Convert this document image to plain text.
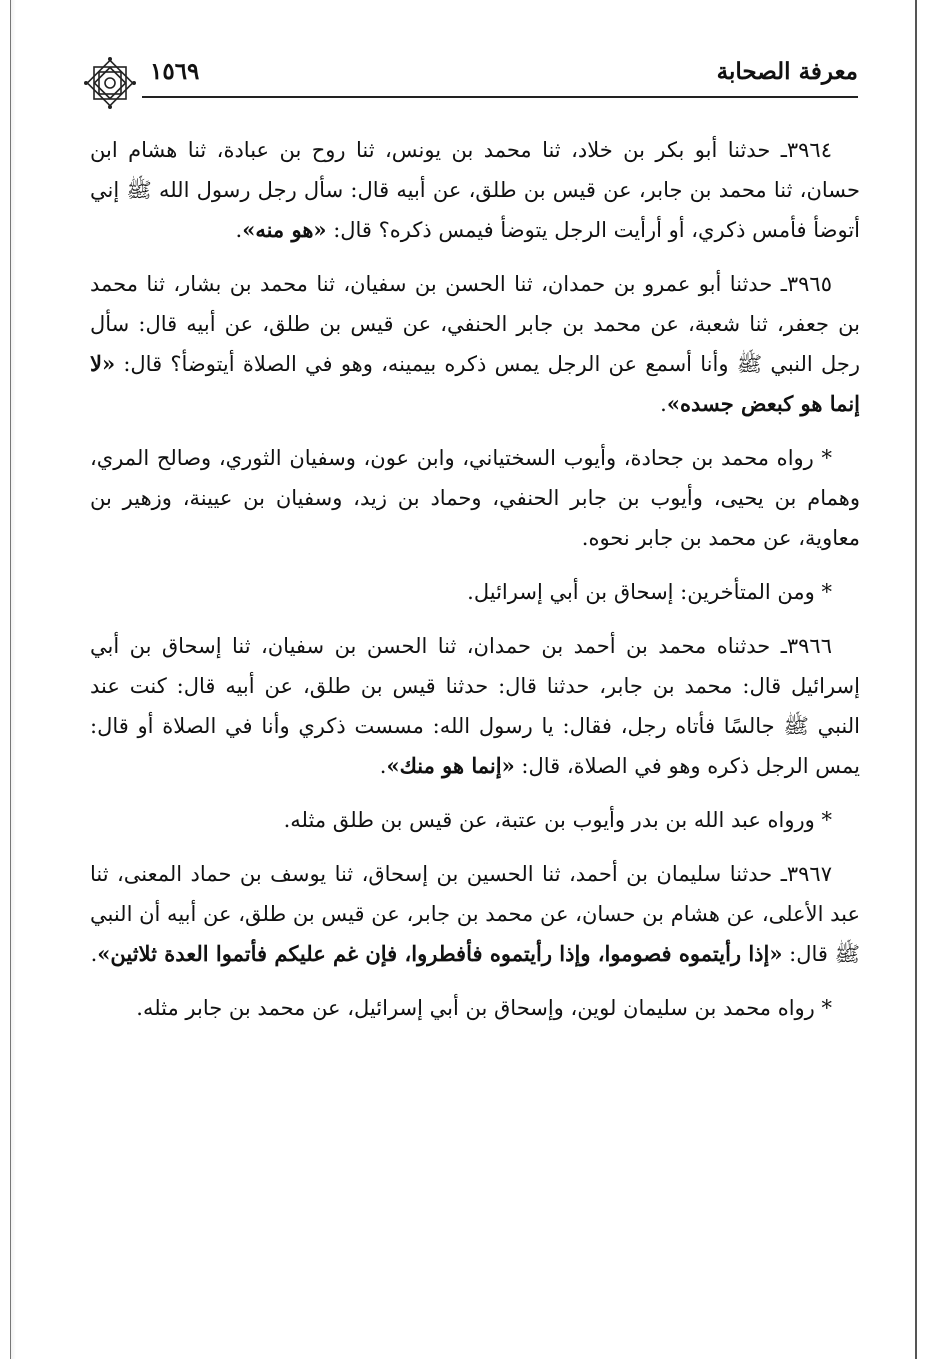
١٥٦٩	معرفة الصحابة

٣٩٦٤ـ حدثنا أبو بكر بن خلاد، ثنا محمد بن يونس، ثنا روح بن عبادة، ثنا هشام ابن حسان، ثنا محمد بن جابر، عن قيس بن طلق، عن أبيه قال: سأل رجل رسول الله ﷺ إني أتوضأ فأمس ذكري، أو أرأيت الرجل يتوضأ فيمس ذكره؟ قال: «هو منه».

٣٩٦٥ـ حدثنا أبو عمرو بن حمدان، ثنا الحسن بن سفيان، ثنا محمد بن بشار، ثنا محمد بن جعفر، ثنا شعبة، عن محمد بن جابر الحنفي، عن قيس بن طلق، عن أبيه قال: سأل رجل النبي ﷺ وأنا أسمع عن الرجل يمس ذكره بيمينه، وهو في الصلاة أيتوضأ؟ قال: «لا إنما هو كبعض جسده».

* رواه محمد بن جحادة، وأيوب السختياني، وابن عون، وسفيان الثوري، وصالح المري، وهمام بن يحيى، وأيوب بن جابر الحنفي، وحماد بن زيد، وسفيان بن عيينة، وزهير بن معاوية، عن محمد بن جابر نحوه.

* ومن المتأخرين: إسحاق بن أبي إسرائيل.

٣٩٦٦ـ حدثناه محمد بن أحمد بن حمدان، ثنا الحسن بن سفيان، ثنا إسحاق بن أبي إسرائيل قال: محمد بن جابر، حدثنا قال: حدثنا قيس بن طلق، عن أبيه قال: كنت عند النبي ﷺ جالسًا فأتاه رجل، فقال: يا رسول الله: مسست ذكري وأنا في الصلاة أو قال: يمس الرجل ذكره وهو في الصلاة، قال: «إنما هو منك».

* ورواه عبد الله بن بدر وأيوب بن عتبة، عن قيس بن طلق مثله.

٣٩٦٧ـ حدثنا سليمان بن أحمد، ثنا الحسين بن إسحاق، ثنا يوسف بن حماد المعنى، ثنا عبد الأعلى، عن هشام بن حسان، عن محمد بن جابر، عن قيس بن طلق، عن أبيه أن النبي ﷺ قال: «إذا رأيتموه فصوموا، وإذا رأيتموه فأفطروا، فإن غم عليكم فأتموا العدة ثلاثين».

* رواه محمد بن سليمان لوين، وإسحاق بن أبي إسرائيل، عن محمد بن جابر مثله.
